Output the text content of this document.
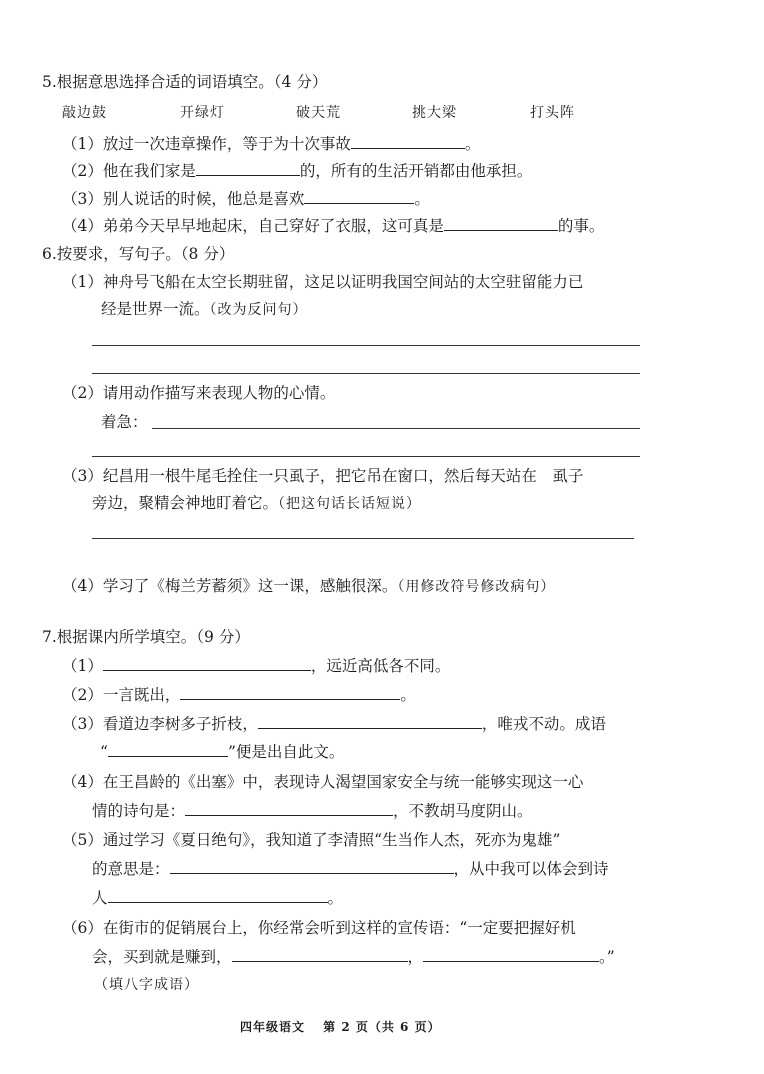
5.根据意思选择合适的词语填空。（4 分）
敲边鼓	开绿灯	破天荒	挑大梁	打头阵
（1）放过一次违章操作，等于为十次事故	。
（2）他在我们家是	的，所有的生活开销都由他承担。
（3）别人说话的时候，他总是喜欢	。
（4）弟弟今天早早地起床，自己穿好了衣服，这可真是	的事。
6.按要求，写句子。（8 分）
（1）神舟号飞船在太空长期驻留，这足以证明我国空间站的太空驻留能力已
经是世界一流。（改为反问句）
（2）请用动作描写来表现人物的心情。
着急：
（3）纪昌用一根牛尾毛拴住一只虱子，把它吊在窗口，然后每天站在　虱子
旁边，聚精会神地盯着它。（把这句话长话短说）
（4）学习了《梅兰芳蓄须》这一课，感触很深。（用修改符号修改病句）
7.根据课内所学填空。（9 分）
（1）	，远近高低各不同。
（2）一言既出，	。
（3）看道边李树多子折枝，	，唯戎不动。成语
“	”便是出自此文。
（4）在王昌龄的《出塞》中，表现诗人渴望国家安全与统一能够实现这一心
情的诗句是：	，不教胡马度阴山。
（5）通过学习《夏日绝句》，我知道了李清照“生当作人杰，死亦为鬼雄”
的意思是：	，从中我可以体会到诗
人	。
（6）在街市的促销展台上，你经常会听到这样的宣传语：“一定要把握好机
会，买到就是赚到，	，	。”
（填八字成语）
四年级语文　 第 2 页（共 6 页）
